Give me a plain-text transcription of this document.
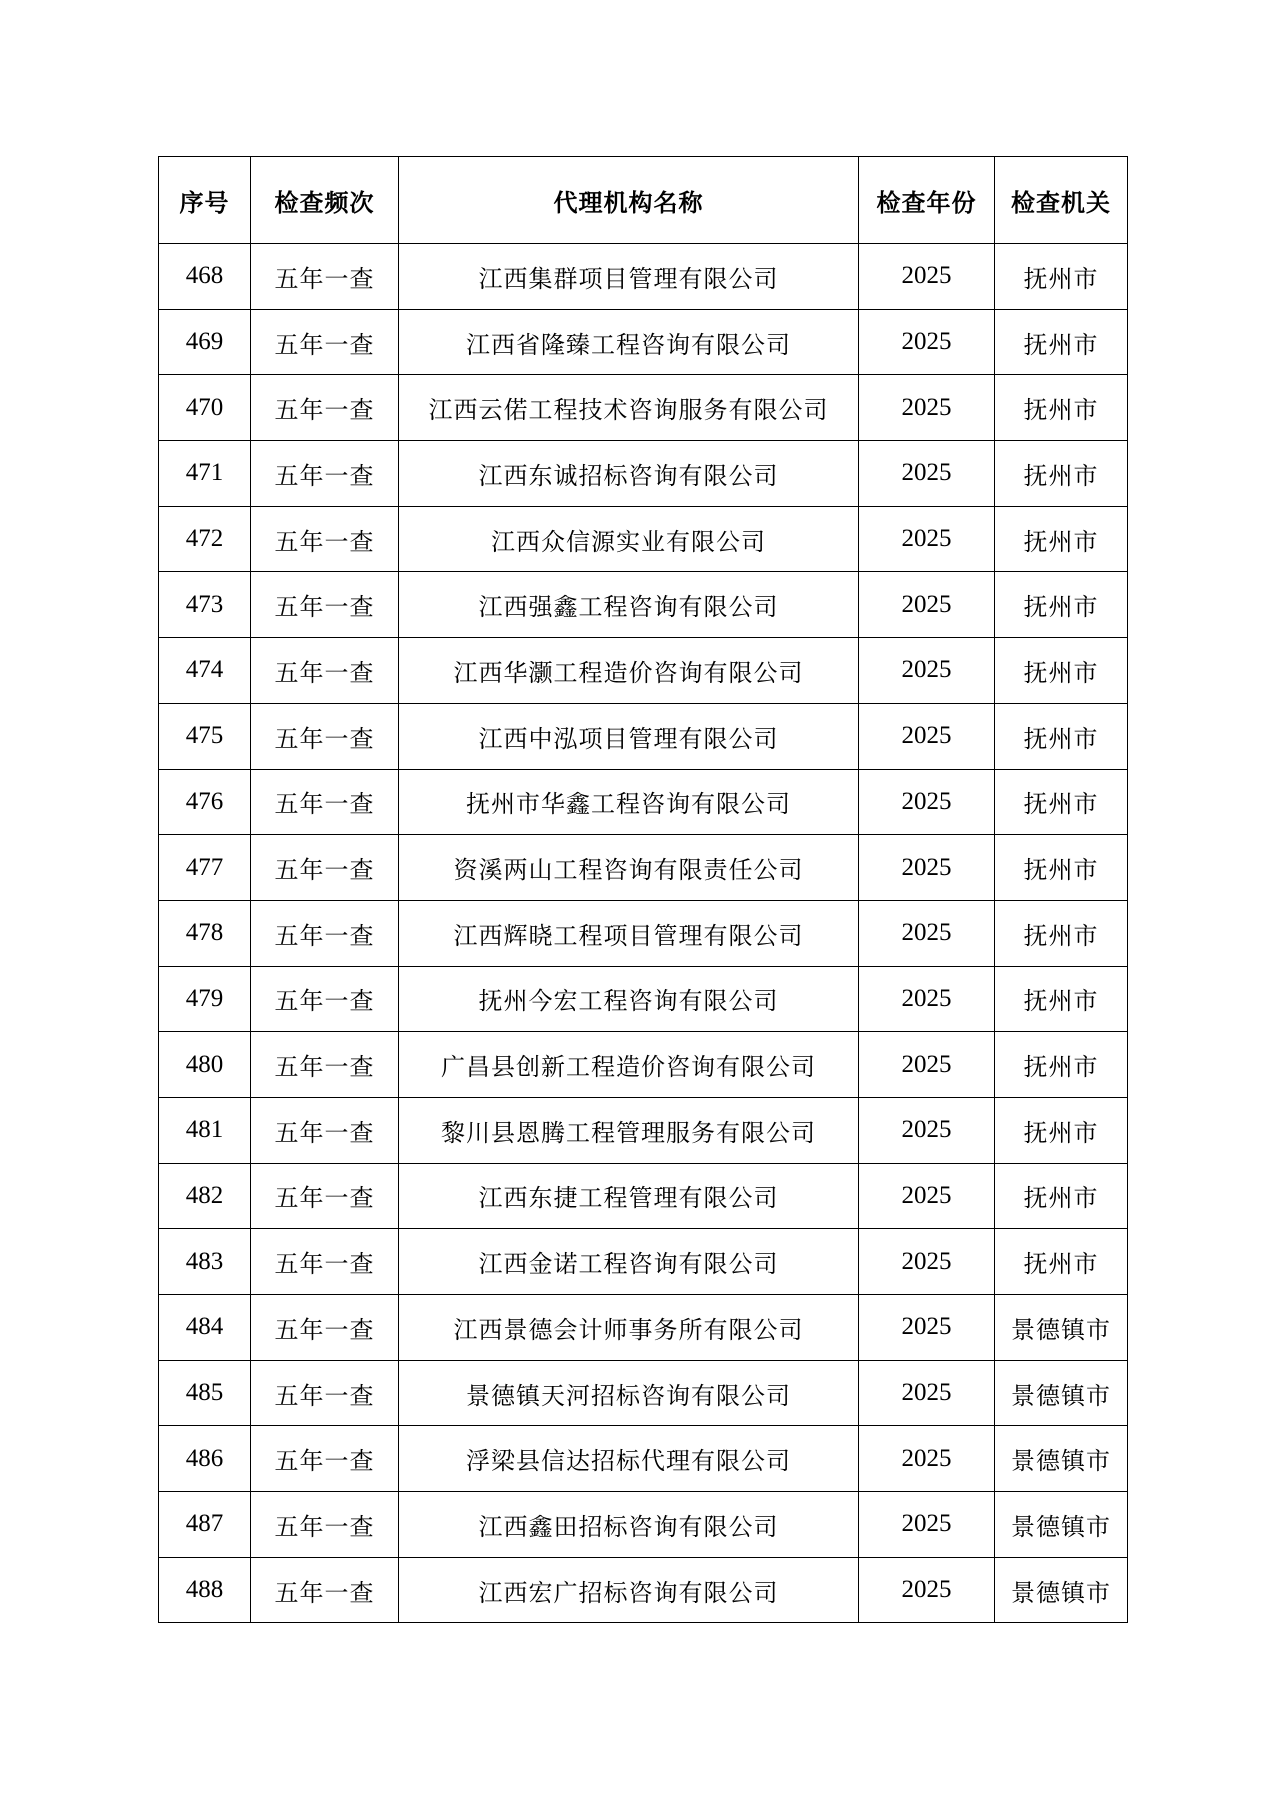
序号	检查频次	代理机构名称	检查年份	检查机关
468	五年一查	江西集群项目管理有限公司	2025	抚州市
469	五年一查	江西省隆臻工程咨询有限公司	2025	抚州市
470	五年一查	江西云偌工程技术咨询服务有限公司	2025	抚州市
471	五年一查	江西东诚招标咨询有限公司	2025	抚州市
472	五年一查	江西众信源实业有限公司	2025	抚州市
473	五年一查	江西强鑫工程咨询有限公司	2025	抚州市
474	五年一查	江西华灏工程造价咨询有限公司	2025	抚州市
475	五年一查	江西中泓项目管理有限公司	2025	抚州市
476	五年一查	抚州市华鑫工程咨询有限公司	2025	抚州市
477	五年一查	资溪两山工程咨询有限责任公司	2025	抚州市
478	五年一查	江西辉晓工程项目管理有限公司	2025	抚州市
479	五年一查	抚州今宏工程咨询有限公司	2025	抚州市
480	五年一查	广昌县创新工程造价咨询有限公司	2025	抚州市
481	五年一查	黎川县恩腾工程管理服务有限公司	2025	抚州市
482	五年一查	江西东捷工程管理有限公司	2025	抚州市
483	五年一查	江西金诺工程咨询有限公司	2025	抚州市
484	五年一查	江西景德会计师事务所有限公司	2025	景德镇市
485	五年一查	景德镇天河招标咨询有限公司	2025	景德镇市
486	五年一查	浮梁县信达招标代理有限公司	2025	景德镇市
487	五年一查	江西鑫田招标咨询有限公司	2025	景德镇市
488	五年一查	江西宏广招标咨询有限公司	2025	景德镇市
